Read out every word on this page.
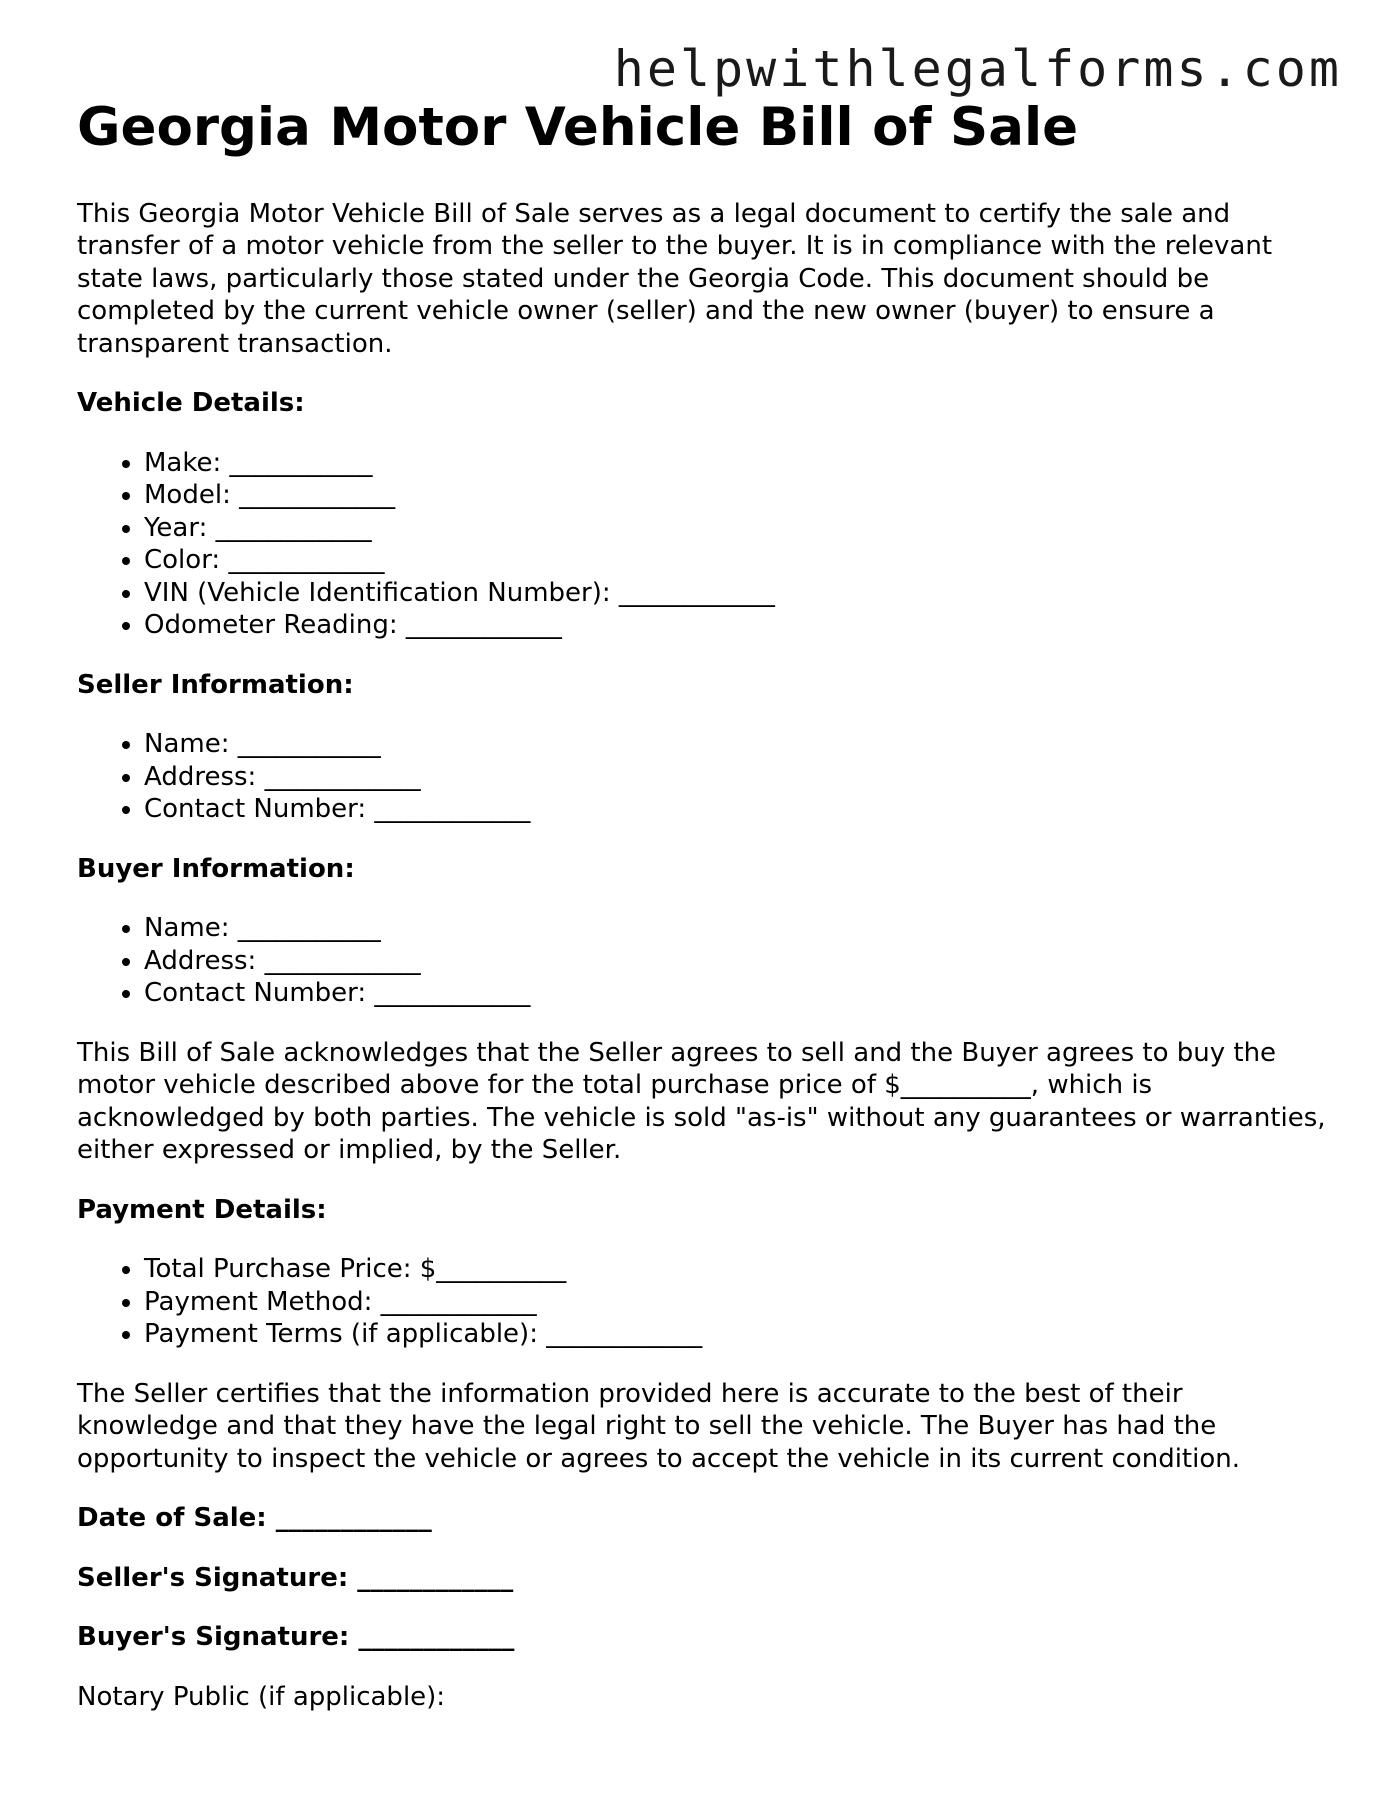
helpwithlegalforms.com
Georgia Motor Vehicle Bill of Sale

This Georgia Motor Vehicle Bill of Sale serves as a legal document to certify the sale and transfer of a motor vehicle from the seller to the buyer. It is in compliance with the relevant state laws, particularly those stated under the Georgia Code. This document should be completed by the current vehicle owner (seller) and the new owner (buyer) to ensure a transparent transaction.

Vehicle Details:

• Make: ___________
• Model: ____________
• Year: ____________
• Color: ____________
• VIN (Vehicle Identification Number): ____________
• Odometer Reading: ____________

Seller Information:

• Name: ___________
• Address: ____________
• Contact Number: ____________

Buyer Information:

• Name: ___________
• Address: ____________
• Contact Number: ____________

This Bill of Sale acknowledges that the Seller agrees to sell and the Buyer agrees to buy the motor vehicle described above for the total purchase price of $__________, which is acknowledged by both parties. The vehicle is sold "as-is" without any guarantees or warranties, either expressed or implied, by the Seller.

Payment Details:

• Total Purchase Price: $__________
• Payment Method: ____________
• Payment Terms (if applicable): ____________

The Seller certifies that the information provided here is accurate to the best of their knowledge and that they have the legal right to sell the vehicle. The Buyer has had the opportunity to inspect the vehicle or agrees to accept the vehicle in its current condition.

Date of Sale: ____________

Seller's Signature: ____________

Buyer's Signature: ____________

Notary Public (if applicable):
